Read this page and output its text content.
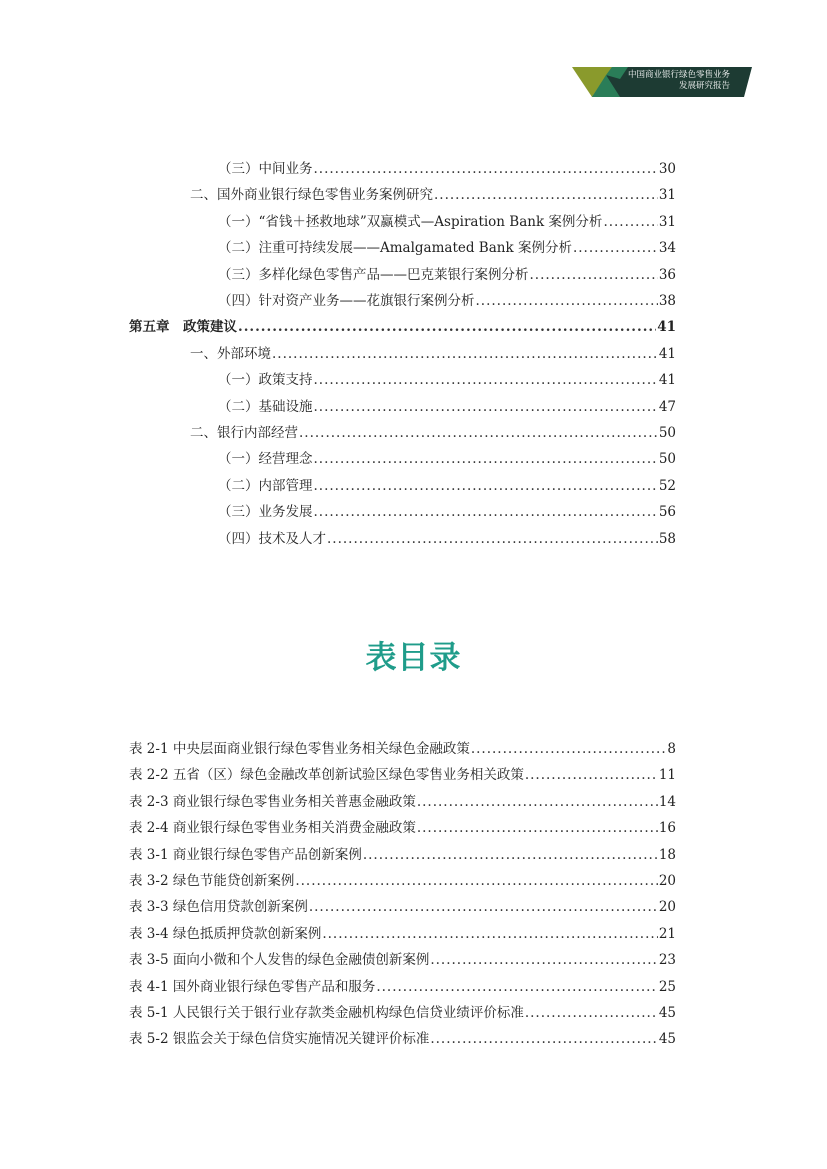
中国商业银行绿色零售业务
发展研究报告
（三）中间业务 .....	30
二、国外商业银行绿色零售业务案例研究 .....	31
（一）“省钱＋拯救地球”双赢模式—Aspiration Bank 案例分析 .....	31
（二）注重可持续发展——Amalgamated Bank 案例分析 .....	34
（三）多样化绿色零售产品——巴克莱银行案例分析 .....	36
（四）针对资产业务——花旗银行案例分析 .....	38
第五章　政策建议 .....	41
一、外部环境 .....	41
（一）政策支持 .....	41
（二）基础设施 .....	47
二、银行内部经营 .....	50
（一）经营理念 .....	50
（二）内部管理 .....	52
（三）业务发展 .....	56
（四）技术及人才 .....	58
表目录
表 2-1 中央层面商业银行绿色零售业务相关绿色金融政策 .....	8
表 2-2 五省（区）绿色金融改革创新试验区绿色零售业务相关政策 .....	11
表 2-3 商业银行绿色零售业务相关普惠金融政策 .....	14
表 2-4 商业银行绿色零售业务相关消费金融政策 .....	16
表 3-1 商业银行绿色零售产品创新案例 .....	18
表 3-2 绿色节能贷创新案例 .....	20
表 3-3 绿色信用贷款创新案例 .....	20
表 3-4 绿色抵质押贷款创新案例 .....	21
表 3-5 面向小微和个人发售的绿色金融债创新案例 .....	23
表 4-1 国外商业银行绿色零售产品和服务 .....	25
表 5-1 人民银行关于银行业存款类金融机构绿色信贷业绩评价标准 .....	45
表 5-2 银监会关于绿色信贷实施情况关键评价标准 .....	45
